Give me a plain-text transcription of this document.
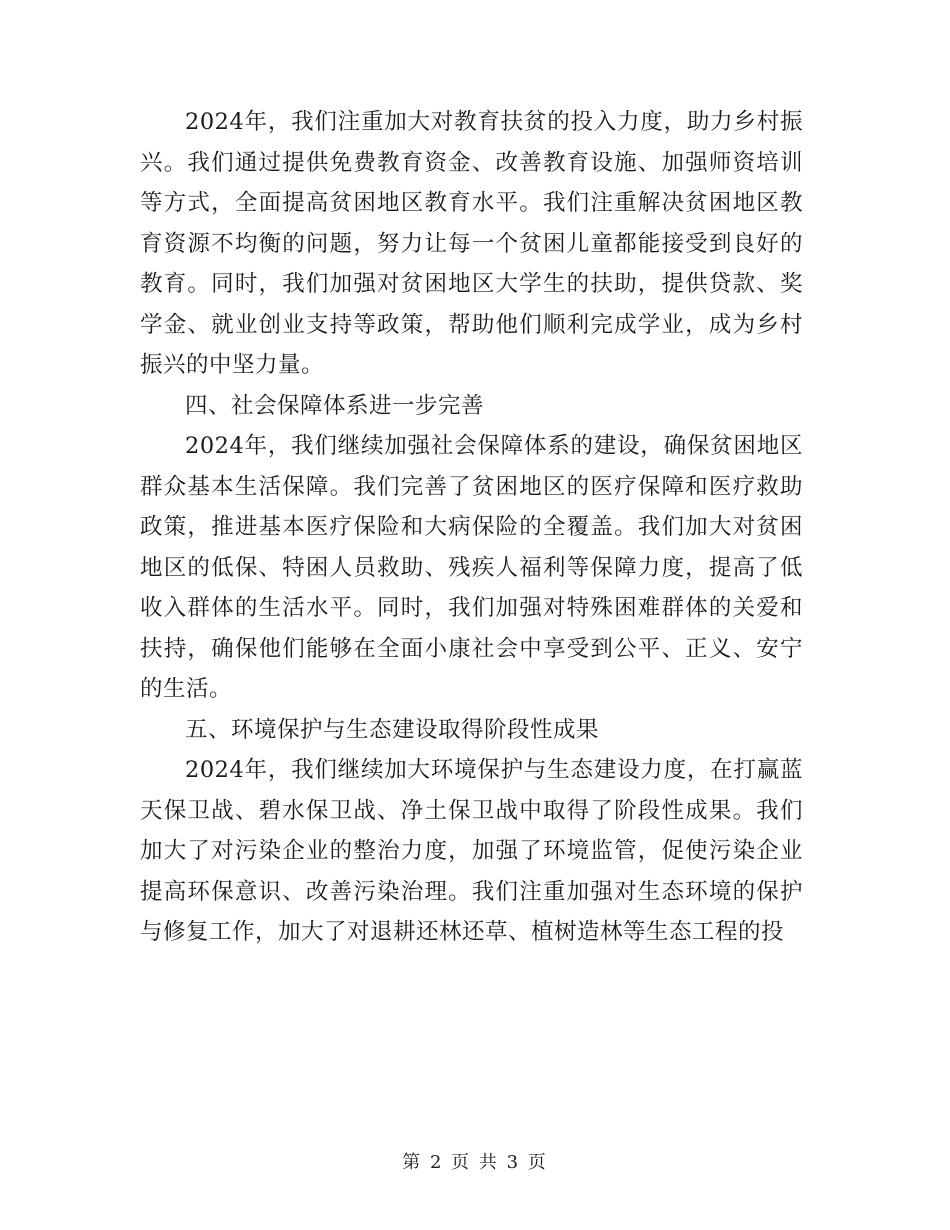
2024年，我们注重加大对教育扶贫的投入力度，助力乡村振兴。我们通过提供免费教育资金、改善教育设施、加强师资培训等方式，全面提高贫困地区教育水平。我们注重解决贫困地区教育资源不均衡的问题，努力让每一个贫困儿童都能接受到良好的教育。同时，我们加强对贫困地区大学生的扶助，提供贷款、奖学金、就业创业支持等政策，帮助他们顺利完成学业，成为乡村振兴的中坚力量。

四、社会保障体系进一步完善

2024年，我们继续加强社会保障体系的建设，确保贫困地区群众基本生活保障。我们完善了贫困地区的医疗保障和医疗救助政策，推进基本医疗保险和大病保险的全覆盖。我们加大对贫困地区的低保、特困人员救助、残疾人福利等保障力度，提高了低收入群体的生活水平。同时，我们加强对特殊困难群体的关爱和扶持，确保他们能够在全面小康社会中享受到公平、正义、安宁的生活。

五、环境保护与生态建设取得阶段性成果

2024年，我们继续加大环境保护与生态建设力度，在打赢蓝天保卫战、碧水保卫战、净土保卫战中取得了阶段性成果。我们加大了对污染企业的整治力度，加强了环境监管，促使污染企业提高环保意识、改善污染治理。我们注重加强对生态环境的保护与修复工作，加大了对退耕还林还草、植树造林等生态工程的投

第 2 页 共 3 页
